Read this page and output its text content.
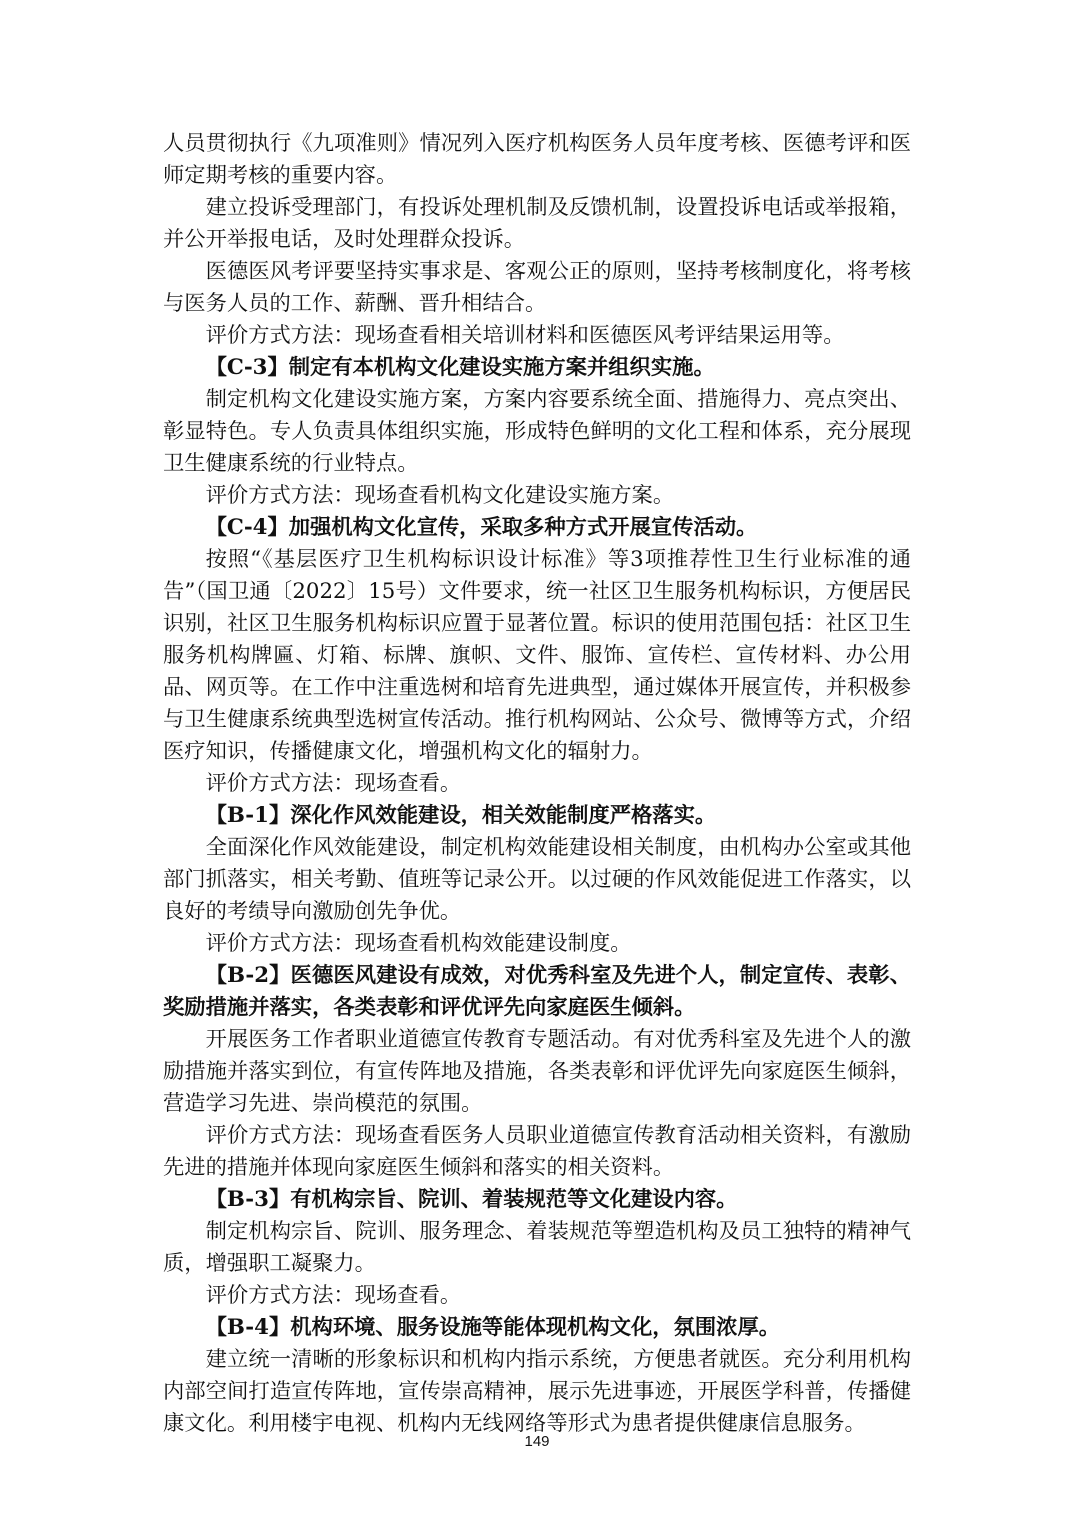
人员贯彻执行《九项准则》情况列入医疗机构医务人员年度考核、医德考评和医师定期考核的重要内容。

建立投诉受理部门，有投诉处理机制及反馈机制，设置投诉电话或举报箱，并公开举报电话，及时处理群众投诉。

医德医风考评要坚持实事求是、客观公正的原则，坚持考核制度化，将考核与医务人员的工作、薪酬、晋升相结合。

评价方式方法：现场查看相关培训材料和医德医风考评结果运用等。

【C-3】制定有本机构文化建设实施方案并组织实施。

制定机构文化建设实施方案，方案内容要系统全面、措施得力、亮点突出、彰显特色。专人负责具体组织实施，形成特色鲜明的文化工程和体系，充分展现卫生健康系统的行业特点。

评价方式方法：现场查看机构文化建设实施方案。

【C-4】加强机构文化宣传，采取多种方式开展宣传活动。

按照“《基层医疗卫生机构标识设计标准》等3项推荐性卫生行业标准的通告”（国卫通〔2022〕15号）文件要求，统一社区卫生服务机构标识，方便居民识别，社区卫生服务机构标识应置于显著位置。标识的使用范围包括：社区卫生服务机构牌匾、灯箱、标牌、旗帜、文件、服饰、宣传栏、宣传材料、办公用品、网页等。在工作中注重选树和培育先进典型，通过媒体开展宣传，并积极参与卫生健康系统典型选树宣传活动。推行机构网站、公众号、微博等方式，介绍医疗知识，传播健康文化，增强机构文化的辐射力。

评价方式方法：现场查看。

【B-1】深化作风效能建设，相关效能制度严格落实。

全面深化作风效能建设，制定机构效能建设相关制度，由机构办公室或其他部门抓落实，相关考勤、值班等记录公开。以过硬的作风效能促进工作落实，以良好的考绩导向激励创先争优。

评价方式方法：现场查看机构效能建设制度。

【B-2】医德医风建设有成效，对优秀科室及先进个人，制定宣传、表彰、奖励措施并落实，各类表彰和评优评先向家庭医生倾斜。

开展医务工作者职业道德宣传教育专题活动。有对优秀科室及先进个人的激励措施并落实到位，有宣传阵地及措施，各类表彰和评优评先向家庭医生倾斜，营造学习先进、崇尚模范的氛围。

评价方式方法：现场查看医务人员职业道德宣传教育活动相关资料，有激励先进的措施并体现向家庭医生倾斜和落实的相关资料。

【B-3】有机构宗旨、院训、着装规范等文化建设内容。

制定机构宗旨、院训、服务理念、着装规范等塑造机构及员工独特的精神气质，增强职工凝聚力。

评价方式方法：现场查看。

【B-4】机构环境、服务设施等能体现机构文化，氛围浓厚。

建立统一清晰的形象标识和机构内指示系统，方便患者就医。充分利用机构内部空间打造宣传阵地，宣传崇高精神，展示先进事迹，开展医学科普，传播健康文化。利用楼宇电视、机构内无线网络等形式为患者提供健康信息服务。

149
